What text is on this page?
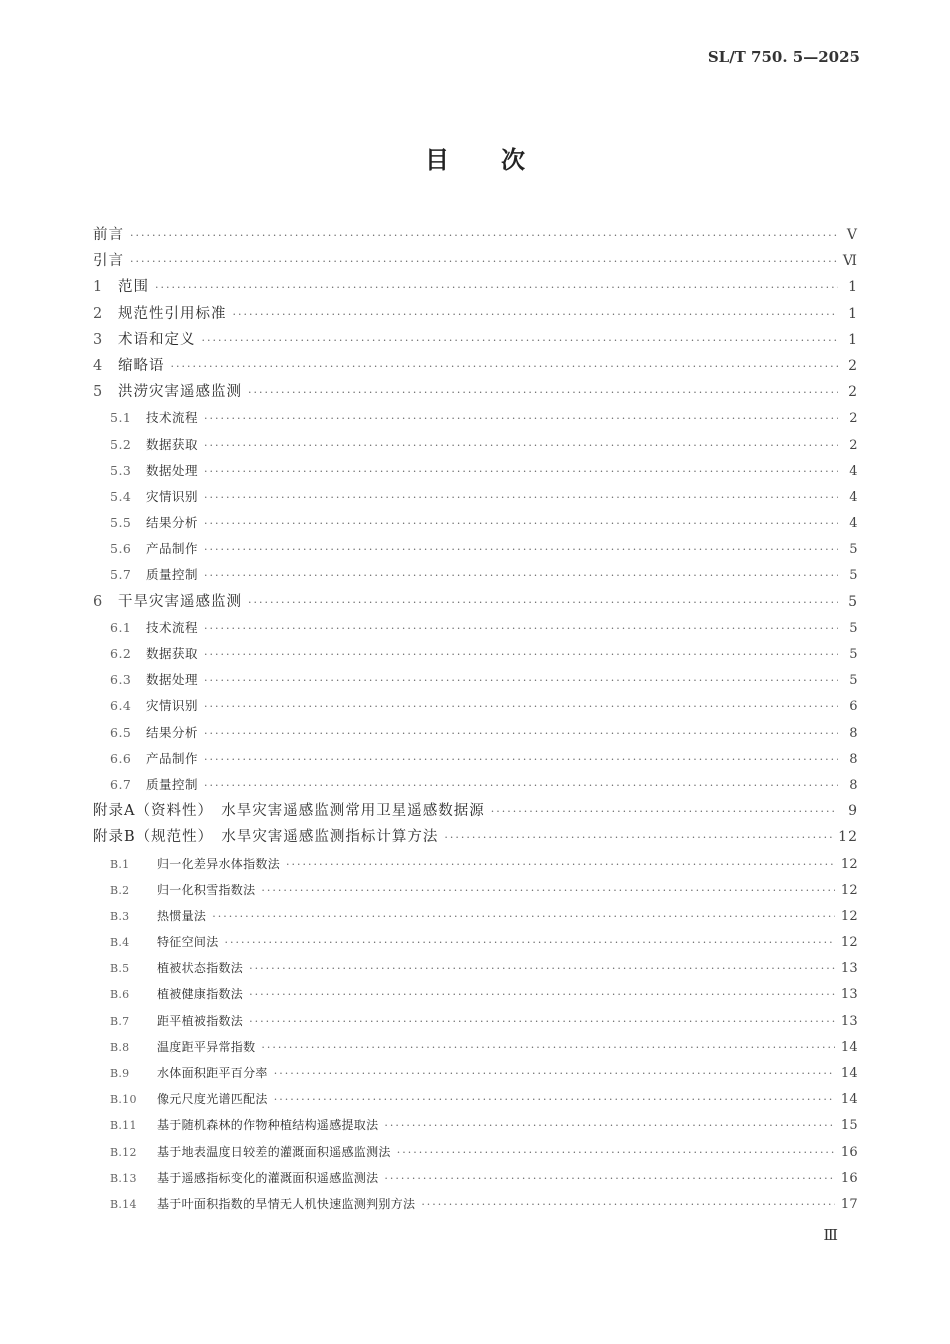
SL/T 750. 5—2025
目次
前言 ·····	Ⅴ
引言 ·····	Ⅵ
1	范围 ·····	1
2	规范性引用标准 ·····	1
3	术语和定义 ·····	1
4	缩略语 ·····	2
5	洪涝灾害遥感监测 ·····	2
5.1	技术流程 ·····	2
5.2	数据获取 ·····	2
5.3	数据处理 ·····	4
5.4	灾情识别 ·····	4
5.5	结果分析 ·····	4
5.6	产品制作 ·····	5
5.7	质量控制 ·····	5
6	干旱灾害遥感监测 ·····	5
6.1	技术流程 ·····	5
6.2	数据获取 ·····	5
6.3	数据处理 ·····	5
6.4	灾情识别 ·····	6
6.5	结果分析 ·····	8
6.6	产品制作 ·····	8
6.7	质量控制 ·····	8
附录A（资料性）　水旱灾害遥感监测常用卫星遥感数据源 ·····	9
附录B（规范性）　水旱灾害遥感监测指标计算方法 ·····	12
B.1	归一化差异水体指数法 ·····	12
B.2	归一化积雪指数法 ·····	12
B.3	热惯量法 ·····	12
B.4	特征空间法 ·····	12
B.5	植被状态指数法 ·····	13
B.6	植被健康指数法 ·····	13
B.7	距平植被指数法 ·····	13
B.8	温度距平异常指数 ·····	14
B.9	水体面积距平百分率 ·····	14
B.10	像元尺度光谱匹配法 ·····	14
B.11	基于随机森林的作物种植结构遥感提取法 ·····	15
B.12	基于地表温度日较差的灌溉面积遥感监测法 ·····	16
B.13	基于遥感指标变化的灌溉面积遥感监测法 ·····	16
B.14	基于叶面积指数的旱情无人机快速监测判别方法 ·····	17
Ⅲ
